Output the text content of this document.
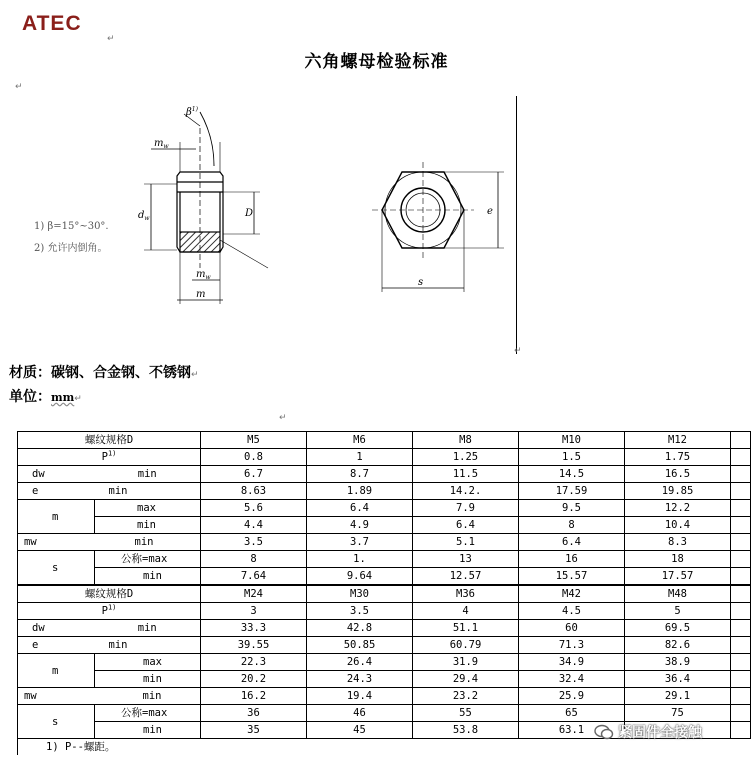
ATEC
↵
六角螺母检验标准
↵
$\beta^{1)}$
$m_w$
$d_w$	D
$m_w$
m
e
s
1) β=15°~30°.
2) 允许内倒角。
↵
材质：碳钢、合金钢、不锈钢↵
单位：mm↵
↵
螺纹规格D		M5	M6	M8	M10	M12	
$P^{1)}$		0.8	1	1.25	1.5	1.75	
dw	min	6.7	8.7	11.5	14.5	16.5	
e	min	8.63	1.89	14.2.	17.59	19.85	
m	max	5.6	6.4	7.9	9.5	12.2	
	min	4.4	4.9	6.4	8	10.4	
mw	min	3.5	3.7	5.1	6.4	8.3	
s	公称=max	8	1.	13	16	18	
	min	7.64	9.64	12.57	15.57	17.57	
螺纹规格D		M24	M30	M36	M42	M48	
$P^{1)}$		3	3.5	4	4.5	5	
dw	min	33.3	42.8	51.1	60	69.5	
e	min	39.55	50.85	60.79	71.3	82.6	
m	max	22.3	26.4	31.9	34.9	38.9	
	min	20.2	24.3	29.4	32.4	36.4	
mw	min	16.2	19.4	23.2	25.9	29.1	
s	公称=max	36	46	55	65	75	
	min	35	45	53.8	63.1		
1) P--螺距。							
紧固件全接触
